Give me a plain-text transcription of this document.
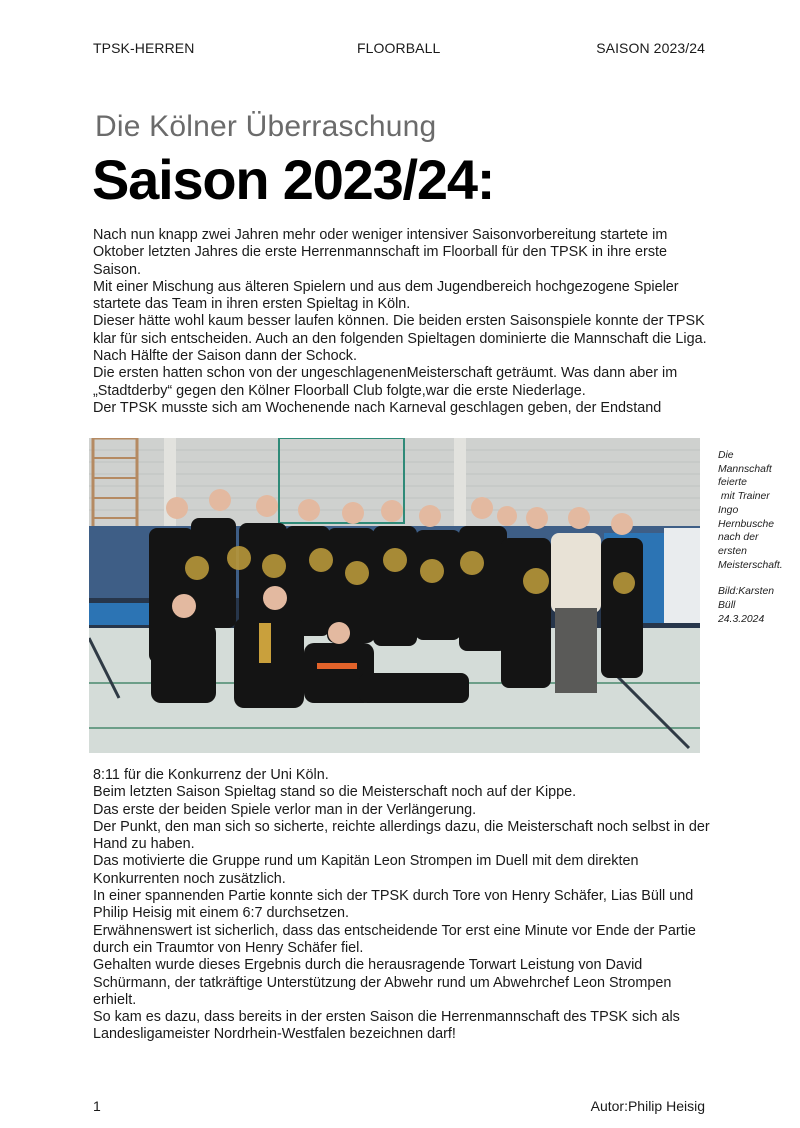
TPSK-HERREN	FLOORBALL	SAISON 2023/24
Die Kölner Überraschung
Saison 2023/24:

Nach nun knapp zwei Jahren mehr oder weniger intensiver Saisonvorbereitung startete im Oktober letzten Jahres die erste Herrenmannschaft im Floorball für den TPSK in ihre erste Saison.

Mit einer Mischung aus älteren Spielern und aus dem Jugendbereich hochgezogene Spieler startete das Team in ihren ersten Spieltag in Köln.

Dieser hätte wohl kaum besser laufen können. Die beiden ersten Saisonspiele konnte der TPSK klar für sich entscheiden. Auch an den folgenden Spieltagen dominierte die Mannschaft die Liga. Nach Hälfte der Saison dann der Schock.

Die ersten hatten schon von der ungeschlagenenMeisterschaft geträumt. Was dann aber im „Stadtderby“ gegen den Kölner Floorball Club folgte,war die erste Niederlage.

Der TPSK musste sich am Wochenende nach Karneval geschlagen geben, der Endstand

Die

Mannschaft

feierte

mit Trainer

Ingo

Hernbusche

nach der

ersten

Meisterschaft.

Bild:Karsten

Büll

24.3.2024

8:11 für die Konkurrenz der Uni Köln.

Beim letzten Saison Spieltag stand so die Meisterschaft noch auf der Kippe.

Das erste der beiden Spiele verlor man in der Verlängerung.

Der Punkt, den man sich so sicherte, reichte allerdings dazu, die Meisterschaft noch selbst in der Hand zu haben.

Das motivierte die Gruppe rund um Kapitän Leon Strompen im Duell mit dem direkten Konkurrenten noch zusätzlich.

In einer spannenden Partie konnte sich der TPSK durch Tore von Henry Schäfer, Lias Büll und Philip Heisig mit einem 6:7 durchsetzen.

Erwähnenswert ist sicherlich, dass das entscheidende Tor erst eine Minute vor Ende der Partie durch ein Traumtor von Henry Schäfer fiel.

Gehalten wurde dieses Ergebnis durch die herausragende Torwart Leistung von David Schürmann, der tatkräftige Unterstützung der Abwehr rund um Abwehrchef Leon Strompen erhielt.

So kam es dazu, dass bereits in der ersten Saison die Herrenmannschaft des TPSK sich als Landesligameister Nordrhein-Westfalen bezeichnen darf!

1	Autor:Philip Heisig
